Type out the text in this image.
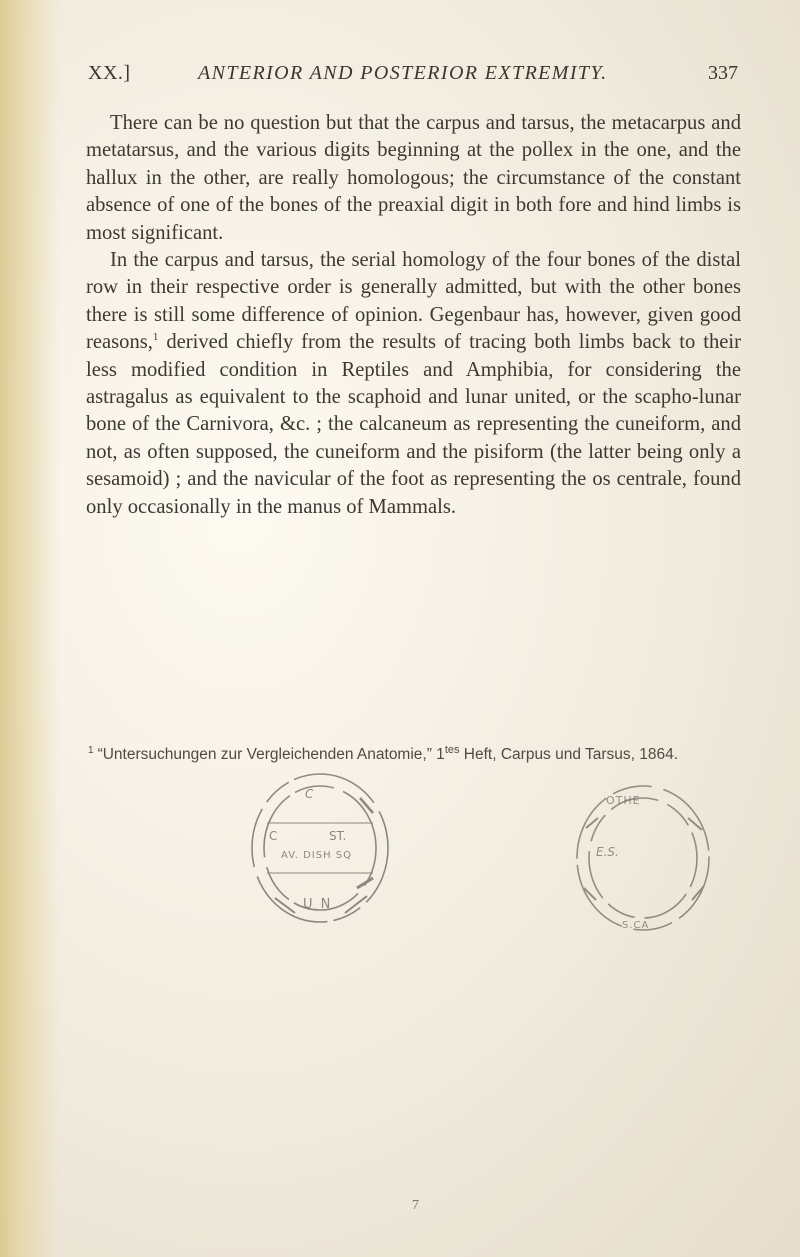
XX.]	ANTERIOR AND POSTERIOR EXTREMITY.	337

There can be no question but that the carpus and tarsus, the metacarpus and metatarsus, and the various digits beginning at the pollex in the one, and the hallux in the other, are really homologous; the circumstance of the constant absence of one of the bones of the preaxial digit in both fore and hind limbs is most significant.

In the carpus and tarsus, the serial homology of the four bones of the distal row in their respective order is generally admitted, but with the other bones there is still some difference of opinion. Gegenbaur has, however, given good reasons,$^1$ derived chiefly from the results of tracing both limbs back to their less modified condition in Reptiles and Amphibia, for considering the astragalus as equivalent to the scaphoid and lunar united, or the scapho-lunar bone of the Carnivora, &c. ; the calcaneum as representing the cuneiform, and not, as often supposed, the cuneiform and the pisiform (the latter being only a sesamoid) ; and the navicular of the foot as representing the os centrale, found only occasionally in the manus of Mammals.

$^1$ “Untersuchungen zur Vergleichenden Anatomie,” $1^{tes}$ Heft, Carpus und Tarsus, 1864.
C
C	ST.
AV. DISH SQ
U N
OTHE
E.S.
S.CA
7
